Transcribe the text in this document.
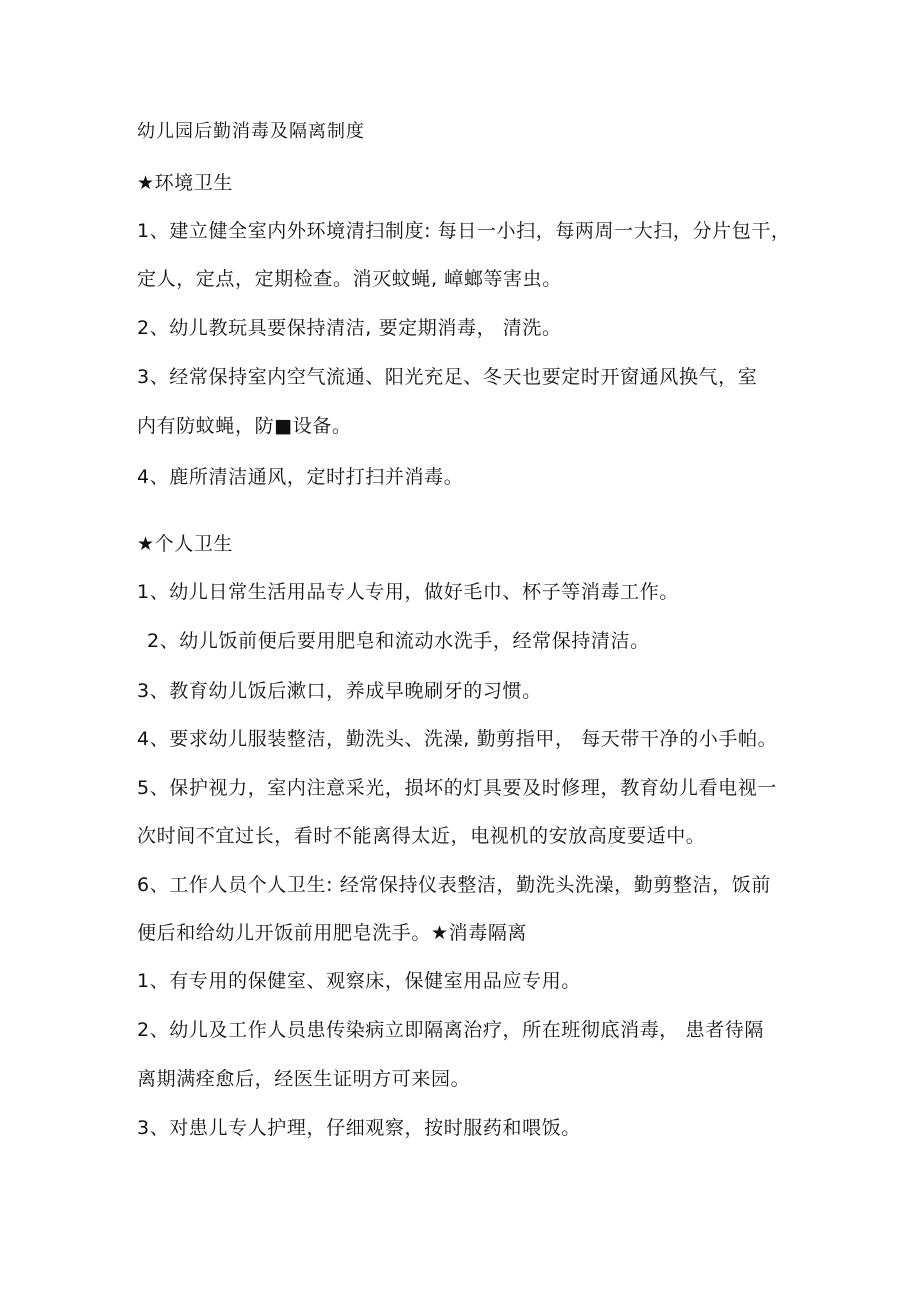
幼儿园后勤消毒及隔离制度
★环境卫生
1、建立健全室内外环境清扫制度: 每日一小扫，每两周一大扫，分片包干，
定人，定点，定期检查。消灭蚊蝇, 嶂螂等害虫。
2、幼儿教玩具要保持清洁, 要定期消毒， 清洗。
3、经常保持室内空气流通、阳光充足、冬天也要定时开窗通风换气，室
内有防蚊蝇，防■设备。
4、鹿所清洁通风，定时打扫并消毒。
★个人卫生
1、幼儿日常生活用品专人专用，做好毛巾、杯子等消毒工作。
2、幼儿饭前便后要用肥皂和流动水洗手，经常保持清洁。
3、教育幼儿饭后漱口，养成早晚刷牙的习惯。
4、要求幼儿服装整洁，勤洗头、洗澡, 勤剪指甲， 每天带干净的小手帕。
5、保护视力，室内注意采光，损坏的灯具要及时修理，教育幼儿看电视一
次时间不宜过长，看时不能离得太近，电视机的安放高度要适中。
6、工作人员个人卫生: 经常保持仪表整洁，勤洗头洗澡，勤剪整洁，饭前
便后和给幼儿开饭前用肥皂洗手。★消毒隔离
1、有专用的保健室、观察床，保健室用品应专用。
2、幼儿及工作人员患传染病立即隔离治疗，所在班彻底消毒， 患者待隔
离期满痊愈后，经医生证明方可来园。
3、对患儿专人护理，仔细观察，按时服药和喂饭。
